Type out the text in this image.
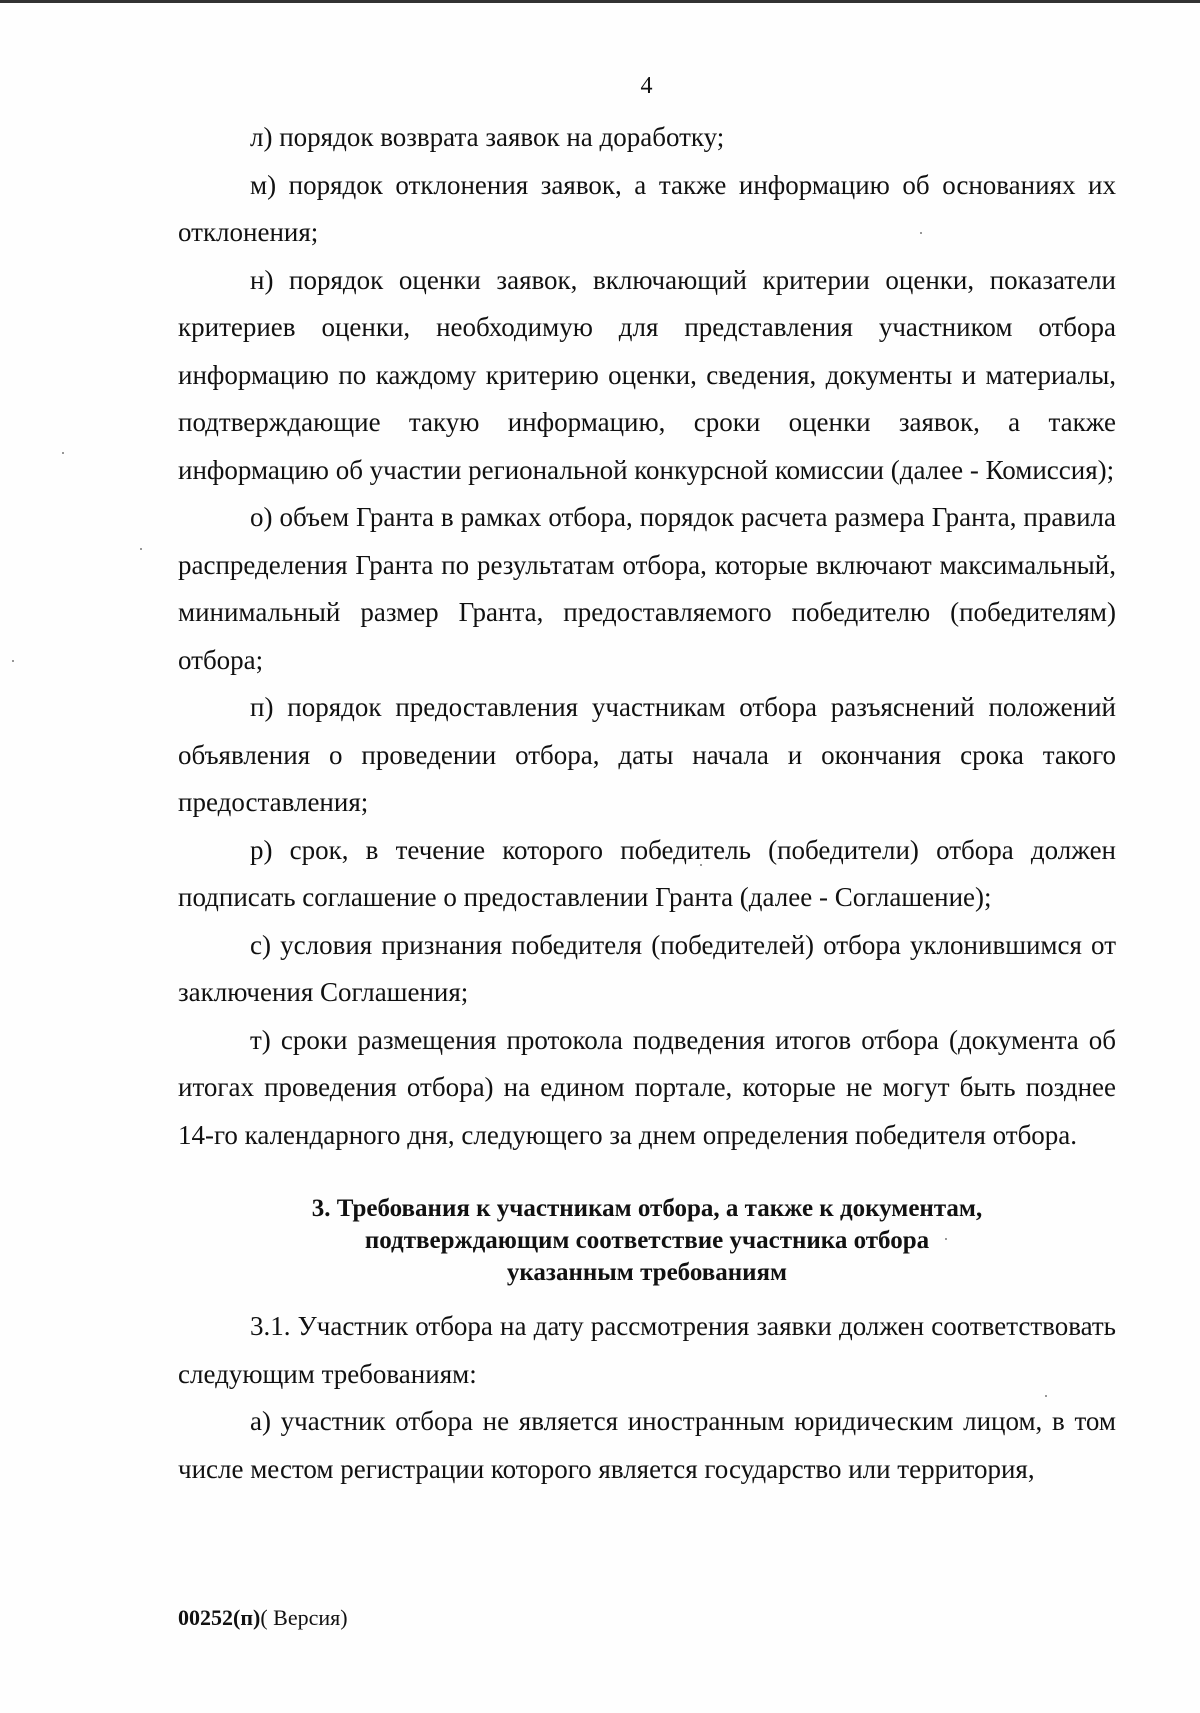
4

л) порядок возврата заявок на доработку;

м) порядок отклонения заявок, а также информацию об основаниях их отклонения;

н) порядок оценки заявок, включающий критерии оценки, показатели критериев оценки, необходимую для представления участником отбора информацию по каждому критерию оценки, сведения, документы и материалы, подтверждающие такую информацию, сроки оценки заявок, а также информацию об участии региональной конкурсной комиссии (далее - Комиссия);

о) объем Гранта в рамках отбора, порядок расчета размера Гранта, правила распределения Гранта по результатам отбора, которые включают максимальный, минимальный размер Гранта, предоставляемого победителю (победителям) отбора;

п) порядок предоставления участникам отбора разъяснений положений объявления о проведении отбора, даты начала и окончания срока такого предоставления;

р) срок, в течение которого победитель (победители) отбора должен подписать соглашение о предоставлении Гранта (далее - Соглашение);

с) условия признания победителя (победителей) отбора уклонившимся от заключения Соглашения;

т) сроки размещения протокола подведения итогов отбора (документа об итогах проведения отбора) на едином портале, которые не могут быть позднее 14-го календарного дня, следующего за днем определения победителя отбора.

3. Требования к участникам отбора, а также к документам,
подтверждающим соответствие участника отбора
указанным требованиям

3.1. Участник отбора на дату рассмотрения заявки должен соответствовать следующим требованиям:

а) участник отбора не является иностранным юридическим лицом, в том числе местом регистрации которого является государство или территория,

00252(п)( Версия)
